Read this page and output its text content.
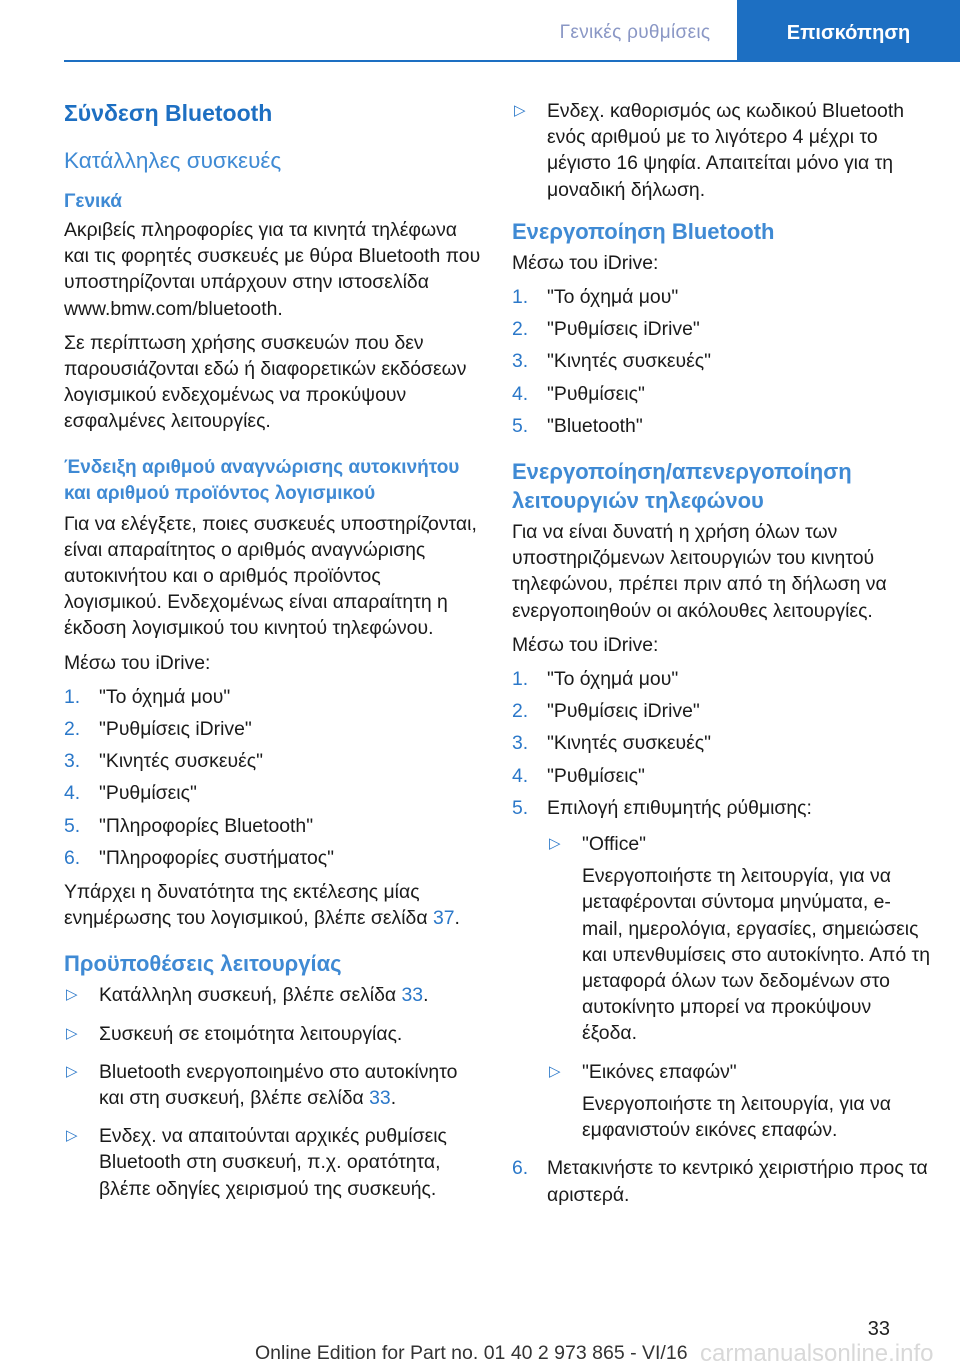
Γενικές ρυθμίσεις	Επισκόπηση
Σύνδεση Bluetooth
Κατάλληλες συσκευές
Γενικά

Ακριβείς πληροφορίες για τα κινητά τηλέφωνα και τις φορητές συσκευές με θύρα Bluetooth που υποστηρίζονται υπάρχουν στην ιστοσελίδα www.bmw.com/bluetooth.

Σε περίπτωση χρήσης συσκευών που δεν παρουσιάζονται εδώ ή διαφορετικών εκδόσεων λογισμικού ενδεχομένως να προκύψουν εσφαλμένες λειτουργίες.

Ένδειξη αριθμού αναγνώρισης αυτοκινήτου και αριθμού προϊόντος λογισμικού

Για να ελέγξετε, ποιες συσκευές υποστηρίζονται, είναι απαραίτητος ο αριθμός αναγνώρισης αυτοκινήτου και ο αριθμός προϊόντος λογισμικού. Ενδεχομένως είναι απαραίτητη η έκδοση λογισμικού του κινητού τηλεφώνου.

Μέσω του iDrive:

1. "Το όχημά μου"
2. "Ρυθμίσεις iDrive"
3. "Κινητές συσκευές"
4. "Ρυθμίσεις"
5. "Πληροφορίες Bluetooth"
6. "Πληροφορίες συστήματος"

Υπάρχει η δυνατότητα της εκτέλεσης μίας ενημέρωσης του λογισμικού, βλέπε σελίδα 37.

Προϋποθέσεις λειτουργίας
▷ Κατάλληλη συσκευή, βλέπε σελίδα 33.
▷ Συσκευή σε ετοιμότητα λειτουργίας.
▷ Bluetooth ενεργοποιημένο στο αυτοκίνητο και στη συσκευή, βλέπε σελίδα 33.
▷ Ενδεχ. να απαιτούνται αρχικές ρυθμίσεις Bluetooth στη συσκευή, π.χ. ορατότητα, βλέπε οδηγίες χειρισμού της συσκευής.
▷ Ενδεχ. καθορισμός ως κωδικού Bluetooth ενός αριθμού με το λιγότερο 4 μέχρι το μέγιστο 16 ψηφία. Απαιτείται μόνο για τη μοναδική δήλωση.
Ενεργοποίηση Bluetooth

Μέσω του iDrive:

1. "Το όχημά μου"
2. "Ρυθμίσεις iDrive"
3. "Κινητές συσκευές"
4. "Ρυθμίσεις"
5. "Bluetooth"
Ενεργοποίηση/απενεργοποίηση λειτουργιών τηλεφώνου

Για να είναι δυνατή η χρήση όλων των υποστηριζόμενων λειτουργιών του κινητού τηλεφώνου, πρέπει πριν από τη δήλωση να ενεργοποιηθούν οι ακόλουθες λειτουργίες.

Μέσω του iDrive:

1. "Το όχημά μου"
2. "Ρυθμίσεις iDrive"
3. "Κινητές συσκευές"
4. "Ρυθμίσεις"
5. Επιλογή επιθυμητής ρύθμισης:
▷ "Office"
Ενεργοποιήστε τη λειτουργία, για να μεταφέρονται σύντομα μηνύματα, e-mail, ημερολόγια, εργασίες, σημειώσεις και υπενθυμίσεις στο αυτοκίνητο. Από τη μεταφορά όλων των δεδομένων στο αυτοκίνητο μπορεί να προκύψουν έξοδα.
▷ "Εικόνες επαφών"
Ενεργοποιήστε τη λειτουργία, για να εμφανιστούν εικόνες επαφών.
6. Μετακινήστε το κεντρικό χειριστήριο προς τα αριστερά.
33
carmanualsonline.info
Online Edition for Part no. 01 40 2 973 865 - VI/16
